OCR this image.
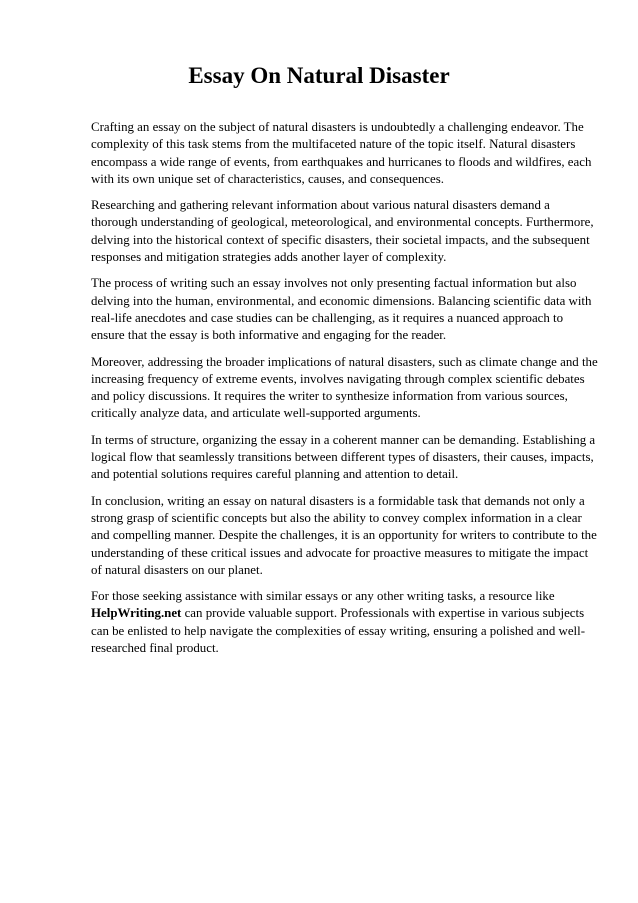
Essay On Natural Disaster

Crafting an essay on the subject of natural disasters is undoubtedly a challenging endeavor. The complexity of this task stems from the multifaceted nature of the topic itself. Natural disasters encompass a wide range of events, from earthquakes and hurricanes to floods and wildfires, each with its own unique set of characteristics, causes, and consequences.

Researching and gathering relevant information about various natural disasters demand a thorough understanding of geological, meteorological, and environmental concepts. Furthermore, delving into the historical context of specific disasters, their societal impacts, and the subsequent responses and mitigation strategies adds another layer of complexity.

The process of writing such an essay involves not only presenting factual information but also delving into the human, environmental, and economic dimensions. Balancing scientific data with real-life anecdotes and case studies can be challenging, as it requires a nuanced approach to ensure that the essay is both informative and engaging for the reader.

Moreover, addressing the broader implications of natural disasters, such as climate change and the increasing frequency of extreme events, involves navigating through complex scientific debates and policy discussions. It requires the writer to synthesize information from various sources, critically analyze data, and articulate well-supported arguments.

In terms of structure, organizing the essay in a coherent manner can be demanding. Establishing a logical flow that seamlessly transitions between different types of disasters, their causes, impacts, and potential solutions requires careful planning and attention to detail.

In conclusion, writing an essay on natural disasters is a formidable task that demands not only a strong grasp of scientific concepts but also the ability to convey complex information in a clear and compelling manner. Despite the challenges, it is an opportunity for writers to contribute to the understanding of these critical issues and advocate for proactive measures to mitigate the impact of natural disasters on our planet.

For those seeking assistance with similar essays or any other writing tasks, a resource like HelpWriting.net can provide valuable support. Professionals with expertise in various subjects can be enlisted to help navigate the complexities of essay writing, ensuring a polished and well-researched final product.
